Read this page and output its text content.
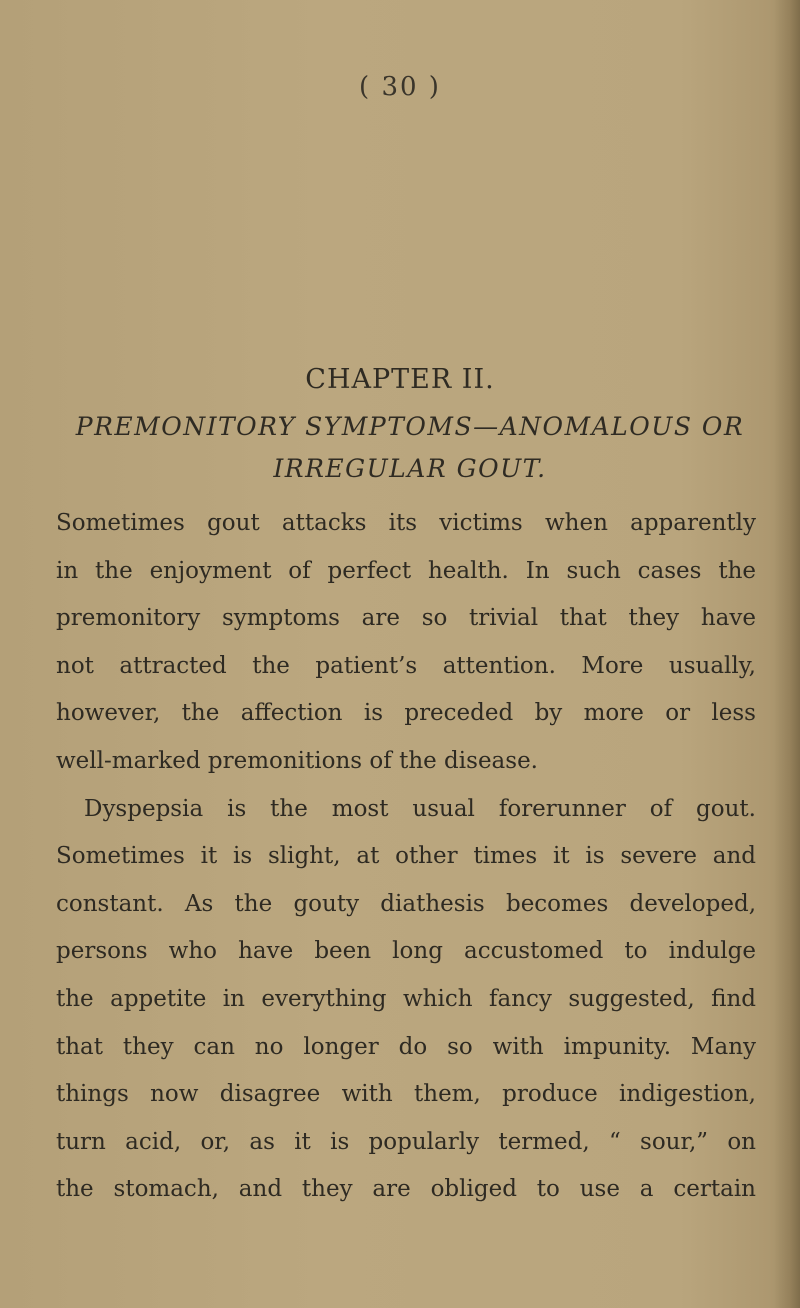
( 30 )
CHAPTER II.
PREMONITORY SYMPTOMS—ANOMALOUS OR
IRREGULAR GOUT.
Sometimes gout attacks its victims when apparently
in the enjoyment of perfect health. In such cases the
premonitory symptoms are so trivial that they have
not attracted the patient’s attention. More usually,
however, the affection is preceded by more or less
well-marked premonitions of the disease.
Dyspepsia is the most usual forerunner of gout.
Sometimes it is slight, at other times it is severe and
constant. As the gouty diathesis becomes developed,
persons who have been long accustomed to indulge
the appetite in everything which fancy suggested, find
that they can no longer do so with impunity. Many
things now disagree with them, produce indigestion,
turn acid, or, as it is popularly termed, “ sour,” on
the stomach, and they are obliged to use a certain
